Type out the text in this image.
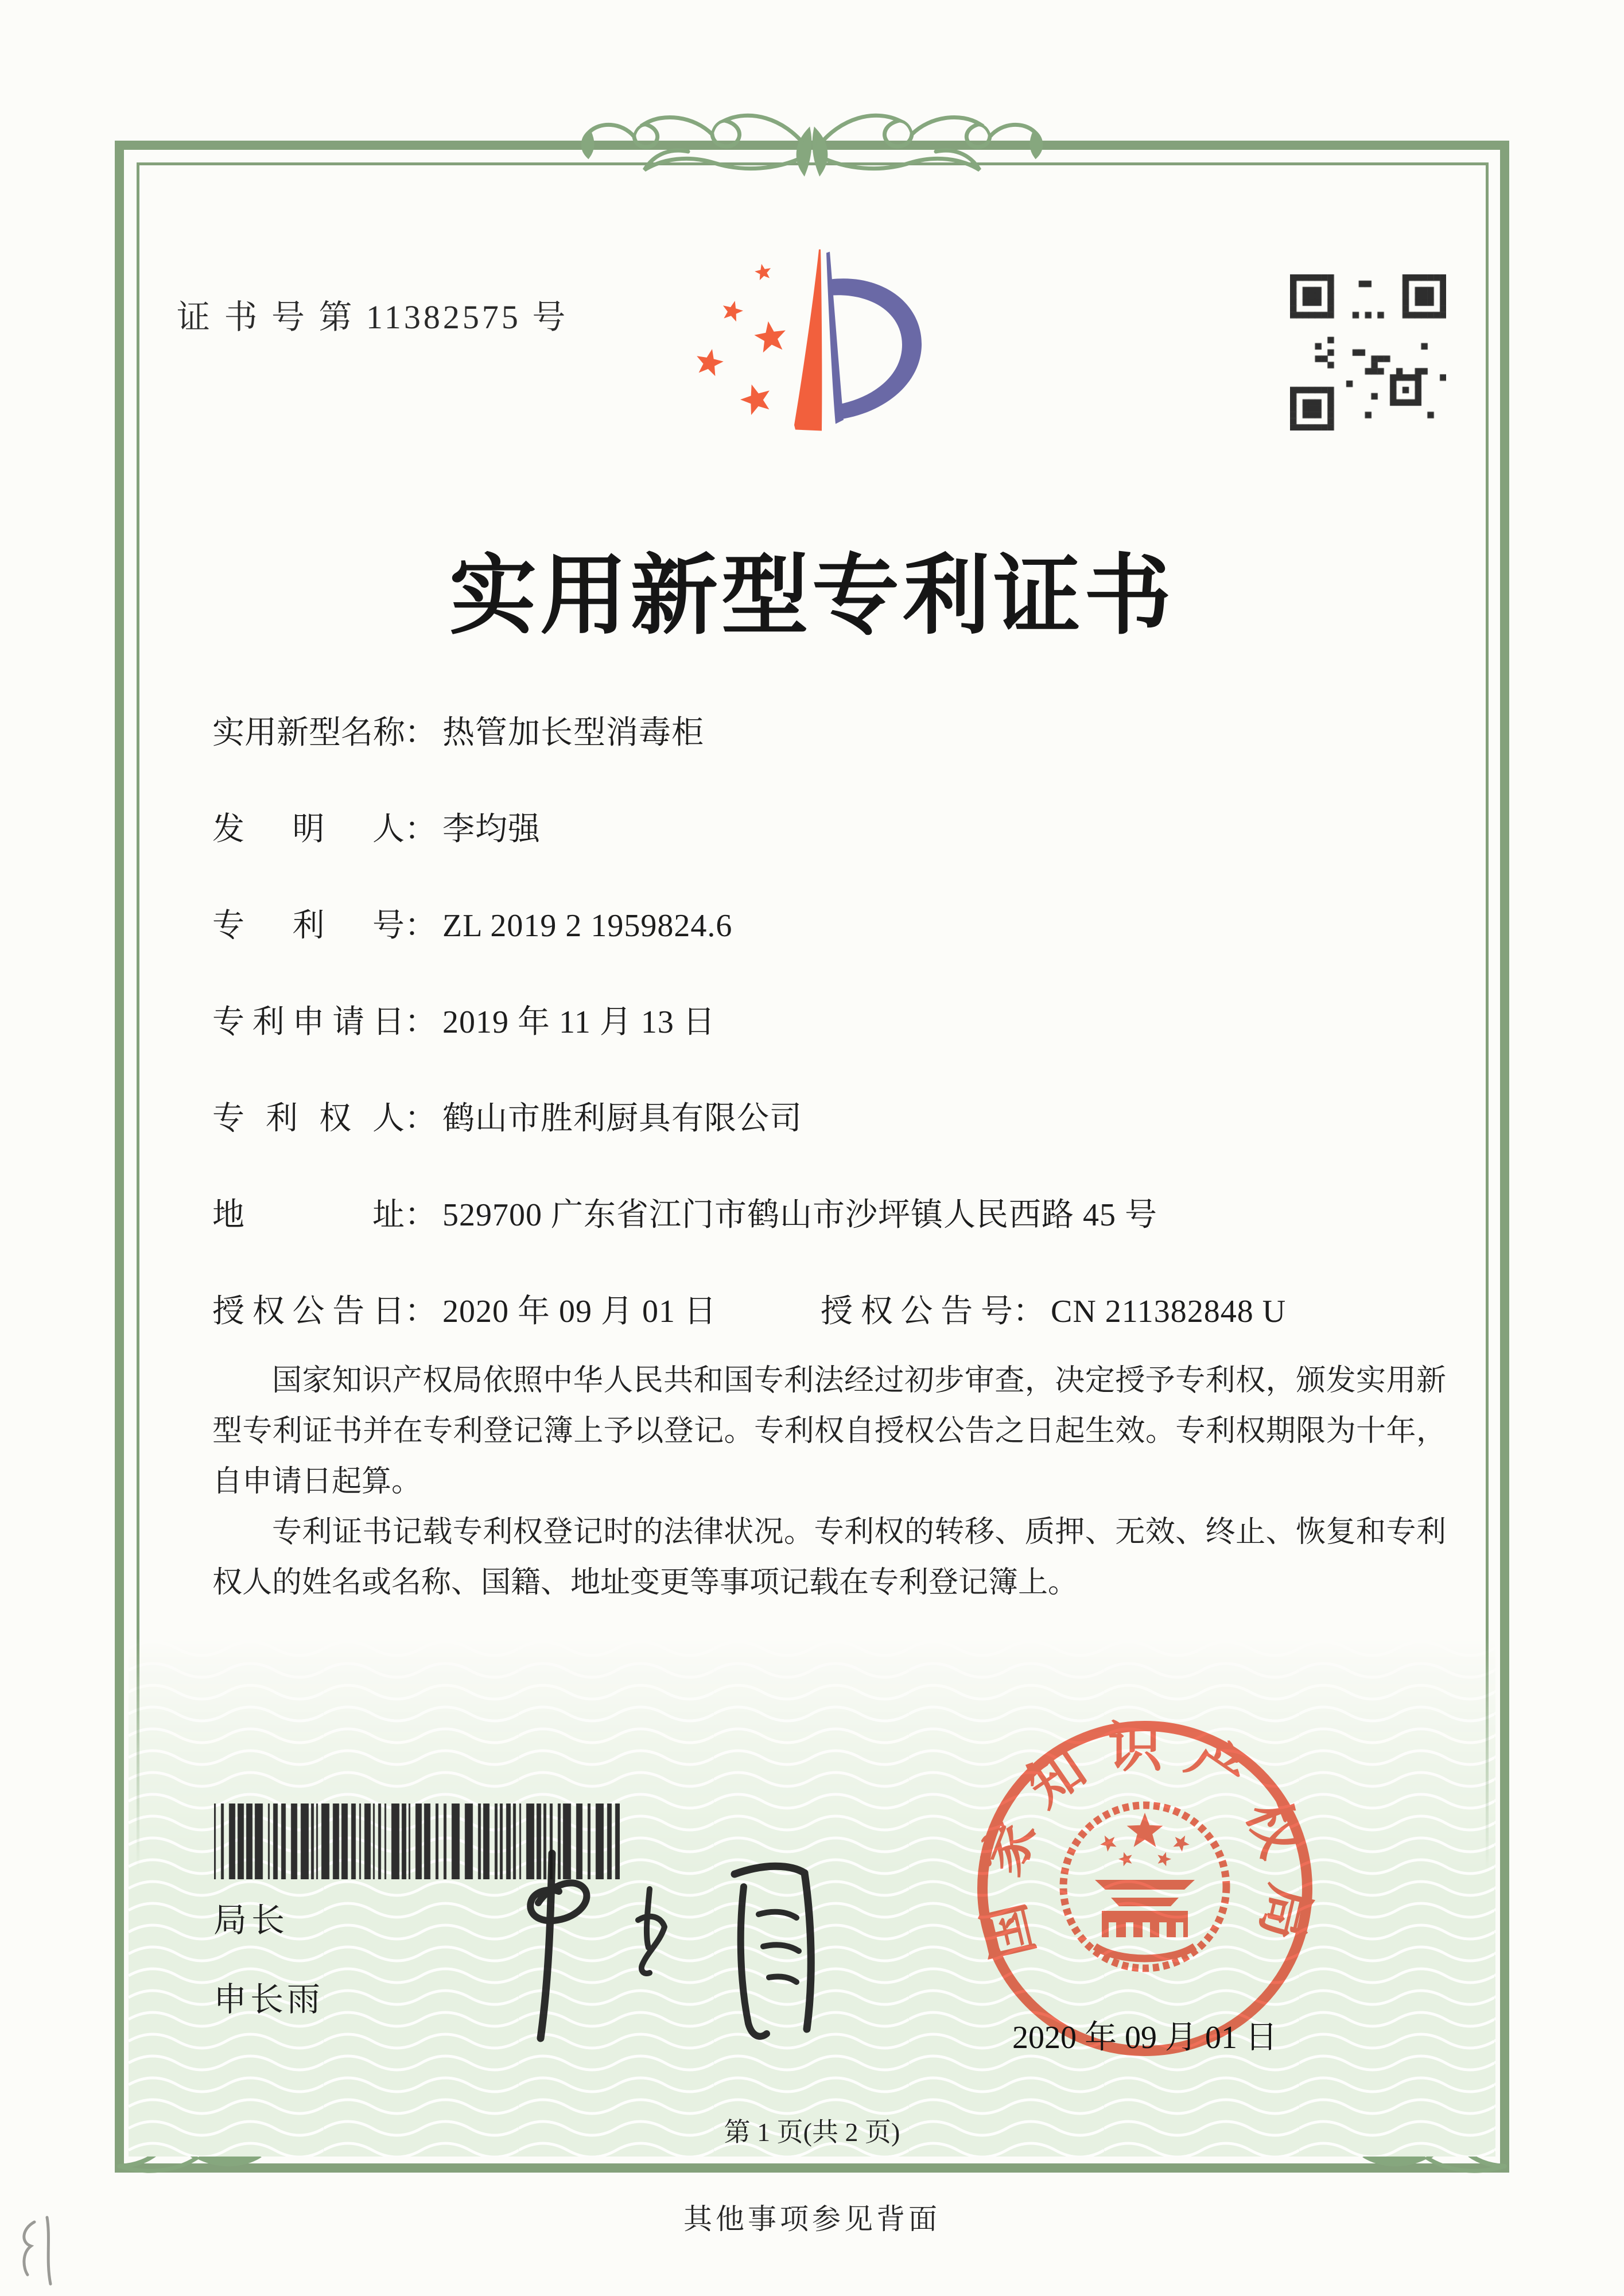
证 书 号 第 11382575 号
实用新型专利证书
实用新型名称： 热管加长型消毒柜
发明人： 李均强
专利号： ZL 2019 2 1959824.6
专利申请日： 2019 年 11 月 13 日
专利权人： 鹤山市胜利厨具有限公司
地址： 529700 广东省江门市鹤山市沙坪镇人民西路 45 号
授权公告日： 2020 年 09 月 01 日	授权公告号： CN 211382848 U

国家知识产权局依照中华人民共和国专利法经过初步审查，决定授予专利权，颁发实用新型专利证书并在专利登记簿上予以登记。专利权自授权公告之日起生效。专利权期限为十年，自申请日起算。

专利证书记载专利权登记时的法律状况。专利权的转移、质押、无效、终止、恢复和专利权人的姓名或名称、国籍、地址变更等事项记载在专利登记簿上。

局长
申长雨
国家知识产权局
2020 年 09 月 01 日
第 1 页(共 2 页)
其他事项参见背面
